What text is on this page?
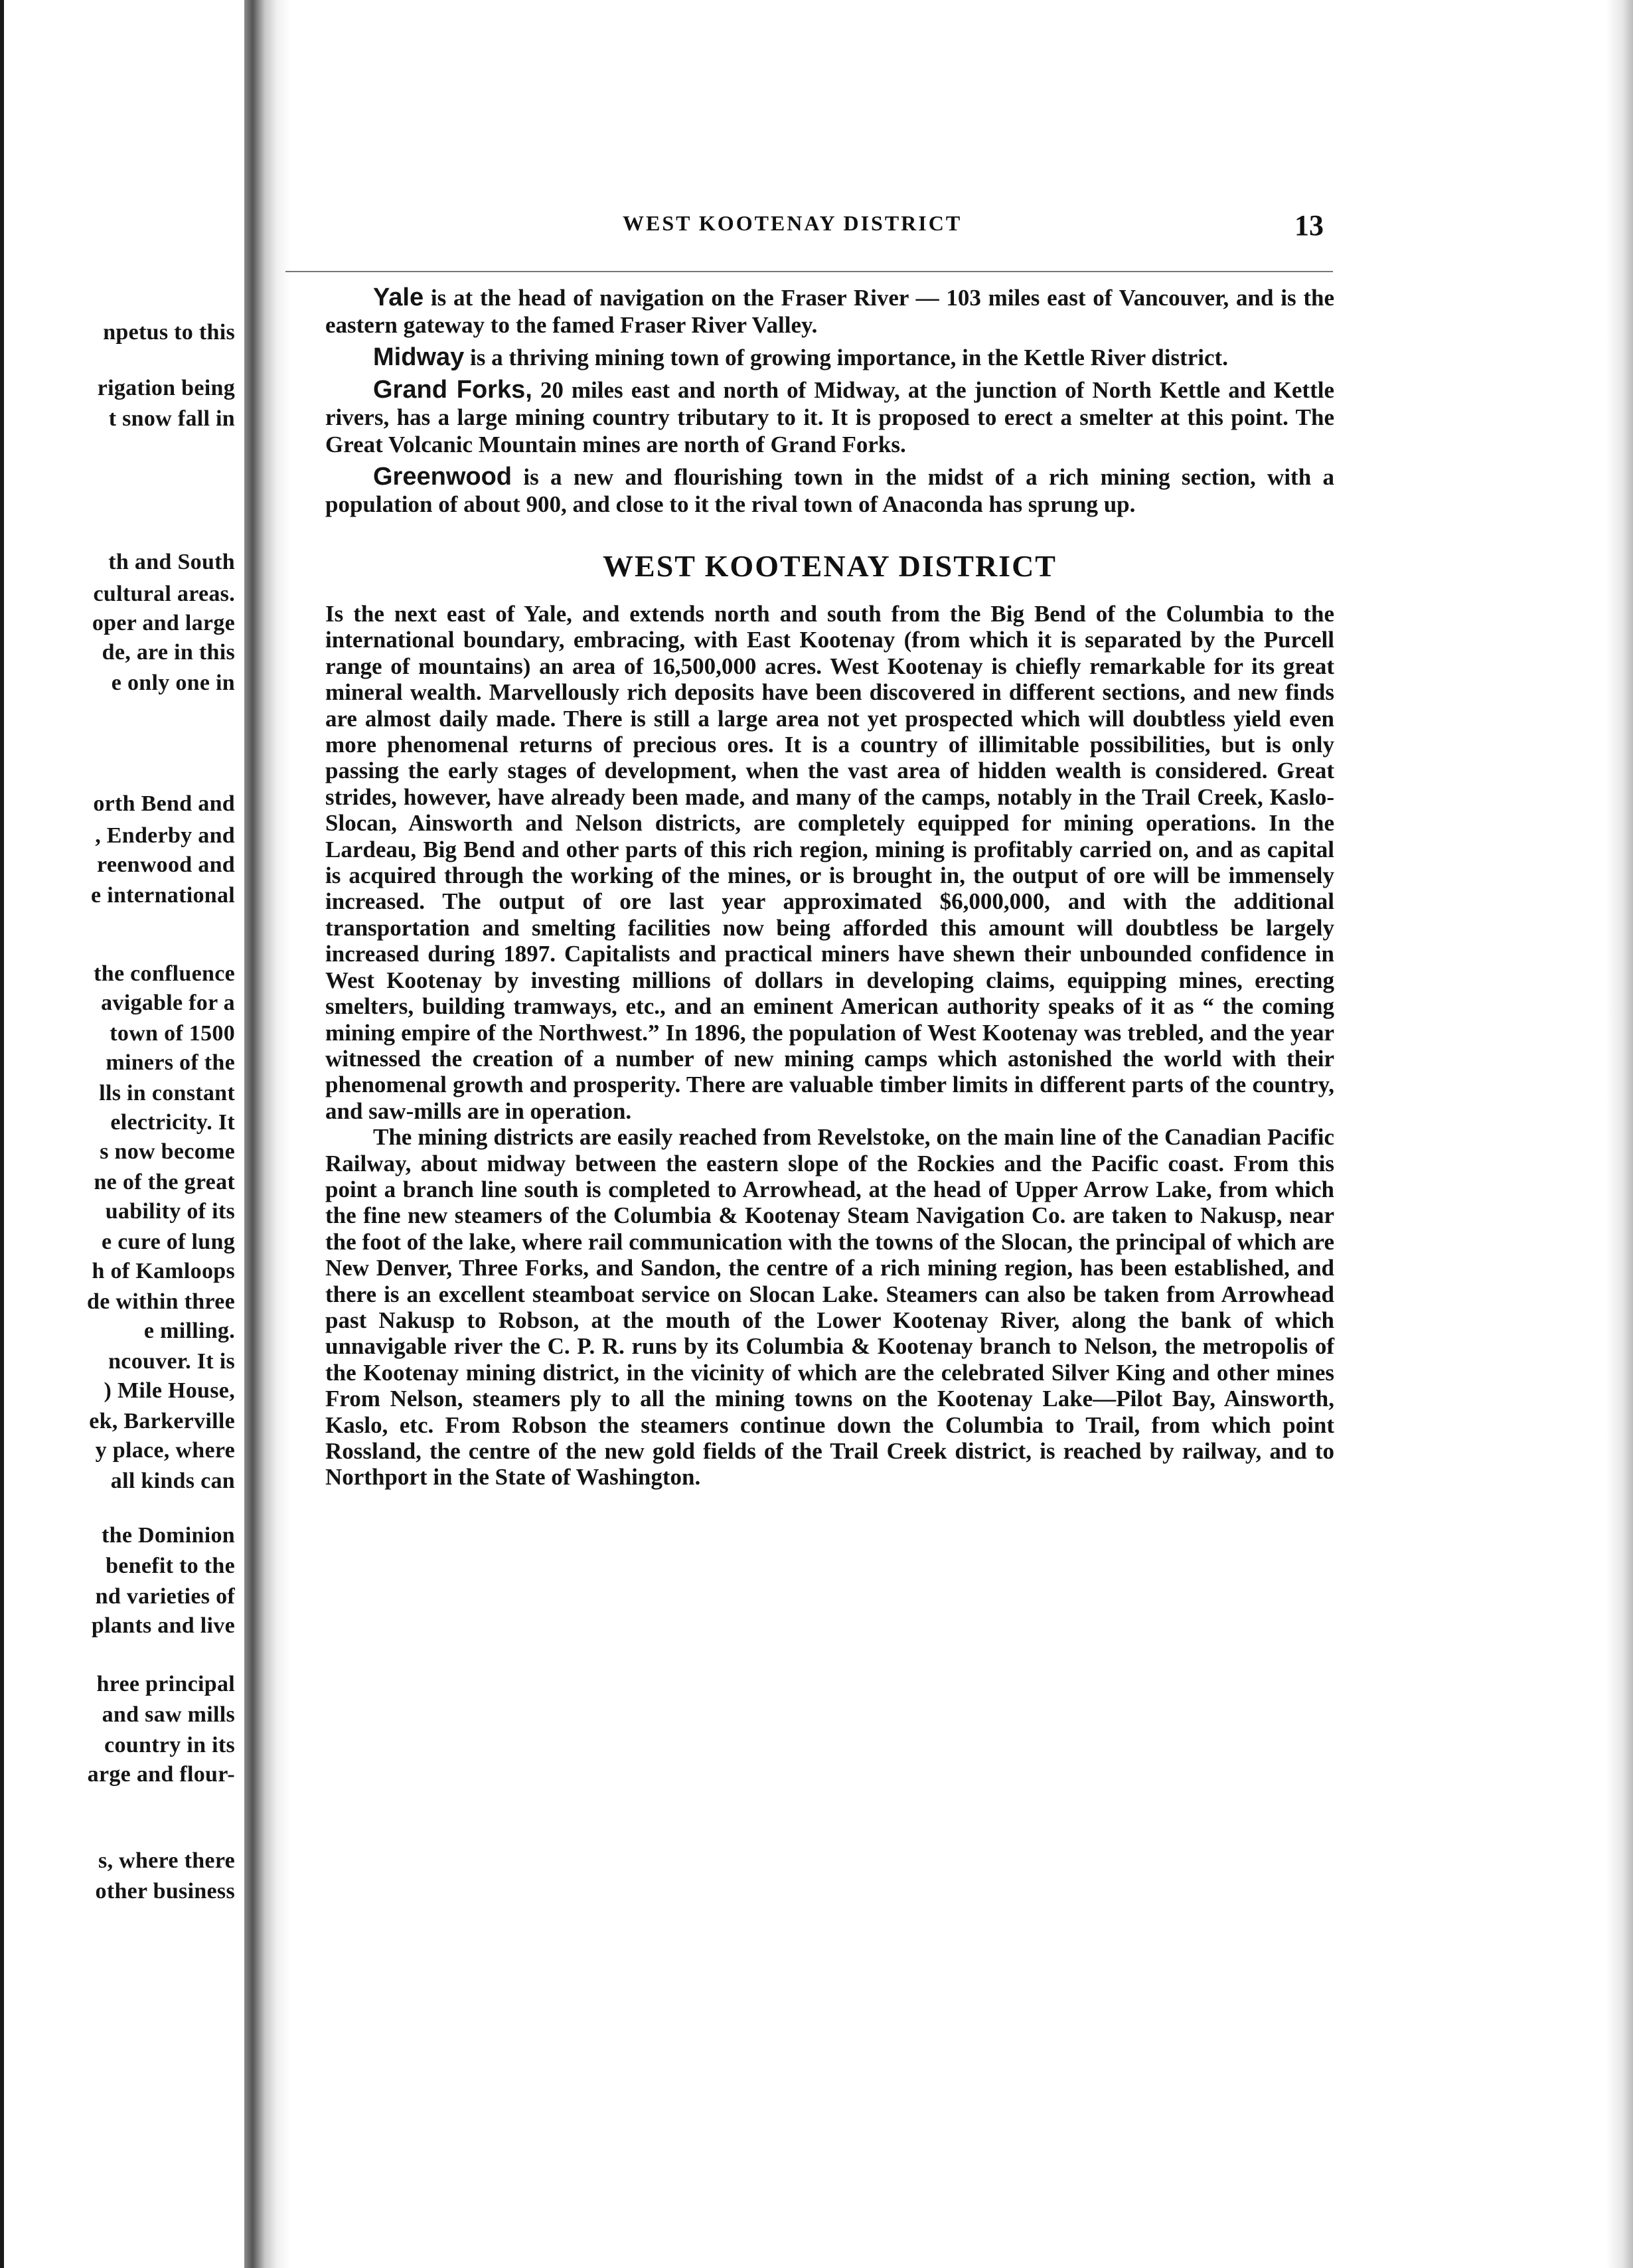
npetus to this
rigation being
t snow fall in
th and South
cultural areas.
oper and large
de, are in this
e only one in
orth Bend and
, Enderby and
reenwood and
e international
the confluence
avigable for a
town of 1500
miners of the
lls in constant
electricity. It
s now become
ne of the great
uability of its
e cure of lung
h of Kamloops
de within three
e milling.
ncouver. It is
) Mile House,
ek, Barkerville
y place, where
all kinds can
the Dominion
benefit to the
nd varieties of
plants and live
hree principal
and saw mills
country in its
arge and flour-
s, where there
other business
WEST KOOTENAY DISTRICT	13

Yale is at the head of navigation on the Fraser River — 103 miles east of Vancouver, and is the eastern gateway to the famed Fraser River Valley.

Midway is a thriving mining town of growing importance, in the Kettle River district.

Grand Forks, 20 miles east and north of Midway, at the junction of North Kettle and Kettle rivers, has a large mining country tributary to it. It is proposed to erect a smelter at this point. The Great Volcanic Mountain mines are north of Grand Forks.

Greenwood is a new and flourishing town in the midst of a rich mining section, with a population of about 900, and close to it the rival town of Anaconda has sprung up.

WEST KOOTENAY DISTRICT

Is the next east of Yale, and extends north and south from the Big Bend of the Columbia to the international boundary, embracing, with East Kootenay (from which it is separated by the Purcell range of mountains) an area of 16,500,000 acres. West Kootenay is chiefly remarkable for its great mineral wealth. Marvellously rich deposits have been discovered in different sections, and new finds are almost daily made. There is still a large area not yet prospected which will doubtless yield even more phenomenal returns of precious ores. It is a country of illimitable possibilities, but is only passing the early stages of development, when the vast area of hidden wealth is considered. Great strides, however, have already been made, and many of the camps, notably in the Trail Creek, Kaslo-Slocan, Ainsworth and Nelson districts, are completely equipped for mining operations. In the Lardeau, Big Bend and other parts of this rich region, mining is profitably carried on, and as capital is acquired through the working of the mines, or is brought in, the output of ore will be immensely increased. The output of ore last year approximated $6,000,000, and with the additional transportation and smelting facilities now being afforded this amount will doubtless be largely increased during 1897. Capitalists and practical miners have shewn their unbounded confidence in West Kootenay by investing millions of dollars in developing claims, equipping mines, erecting smelters, building tramways, etc., and an eminent American authority speaks of it as “ the coming mining empire of the Northwest.” In 1896, the population of West Kootenay was trebled, and the year witnessed the creation of a number of new mining camps which astonished the world with their phenomenal growth and prosperity. There are valuable timber limits in different parts of the country, and saw-mills are in operation.

The mining districts are easily reached from Revelstoke, on the main line of the Canadian Pacific Railway, about midway between the eastern slope of the Rockies and the Pacific coast. From this point a branch line south is completed to Arrowhead, at the head of Upper Arrow Lake, from which the fine new steamers of the Columbia & Kootenay Steam Navigation Co. are taken to Nakusp, near the foot of the lake, where rail communication with the towns of the Slocan, the principal of which are New Denver, Three Forks, and Sandon, the centre of a rich mining region, has been established, and there is an excellent steamboat service on Slocan Lake. Steamers can also be taken from Arrowhead past Nakusp to Robson, at the mouth of the Lower Kootenay River, along the bank of which unnavigable river the C. P. R. runs by its Columbia & Kootenay branch to Nelson, the metropolis of the Kootenay mining district, in the vicinity of which are the celebrated Silver King and other mines From Nelson, steamers ply to all the mining towns on the Kootenay Lake—Pilot Bay, Ainsworth, Kaslo, etc. From Robson the steamers continue down the Columbia to Trail, from which point Rossland, the centre of the new gold fields of the Trail Creek district, is reached by railway, and to Northport in the State of Washington.
